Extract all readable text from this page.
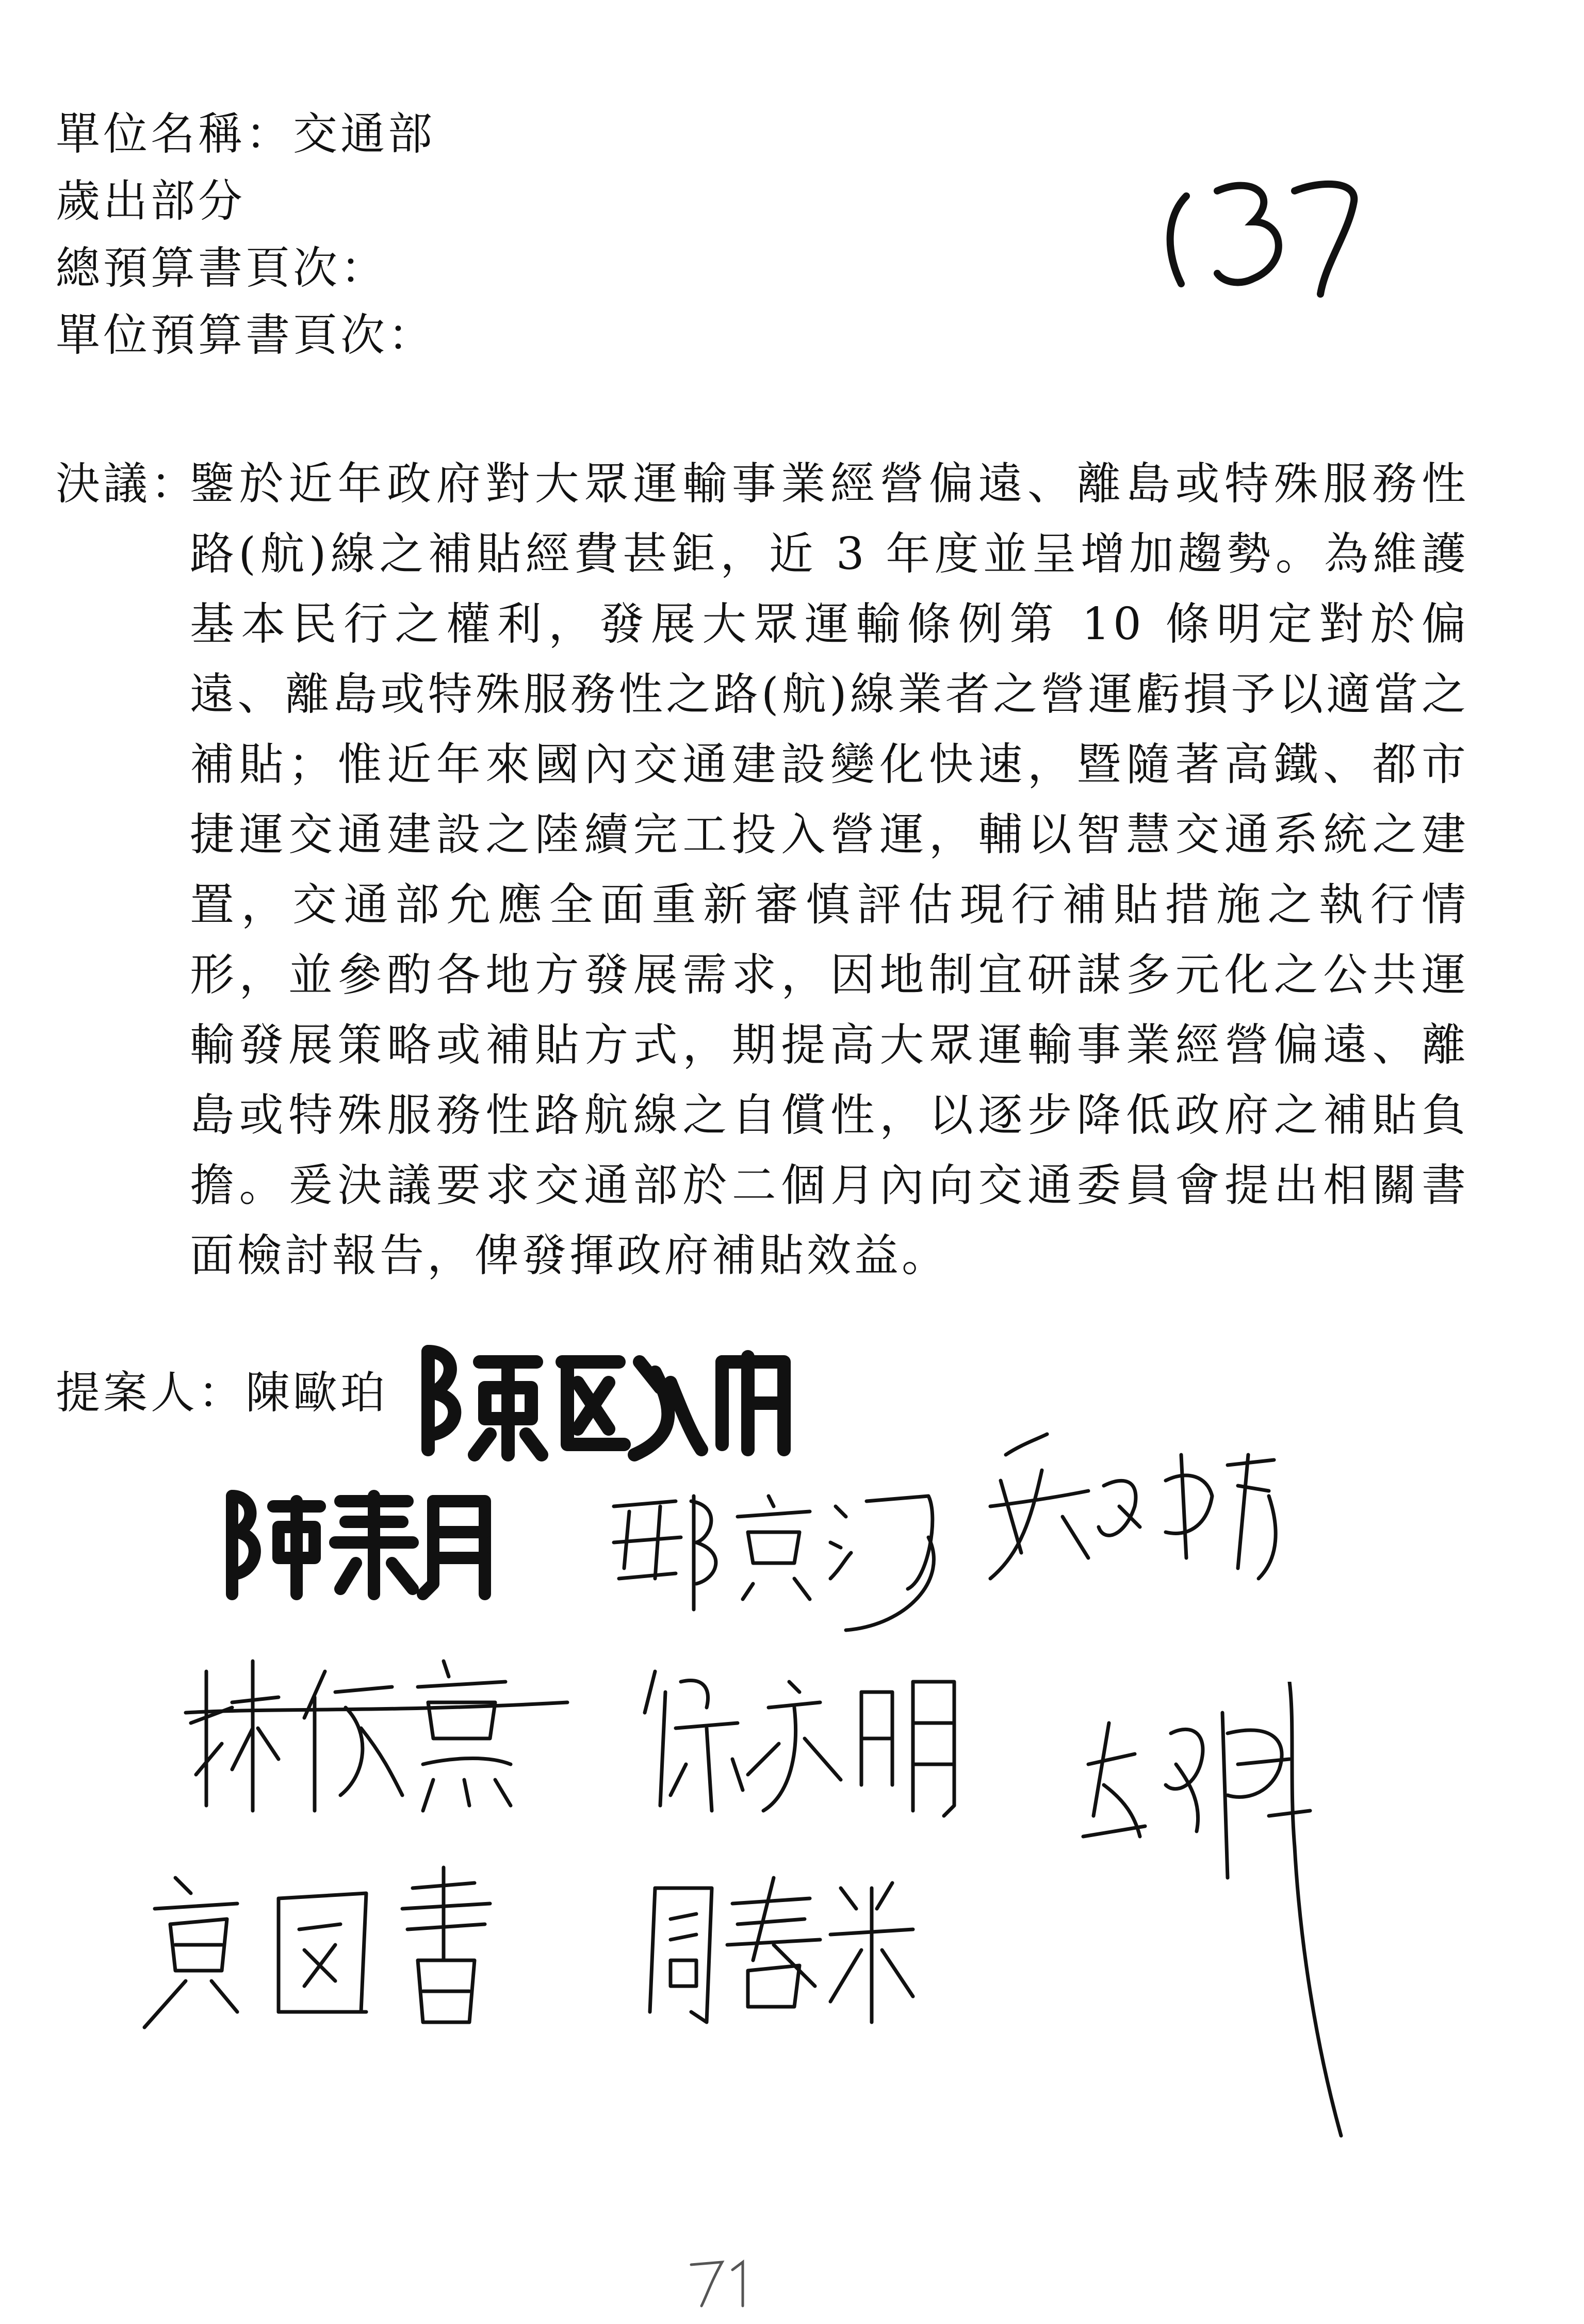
單位名稱：交通部
歲出部分
總預算書頁次：
單位預算書頁次：
決議：
鑒於近年政府對大眾運輸事業經營偏遠、離島或特殊服務性路(航)線之補貼經費甚鉅，近 3 年度並呈增加趨勢。為維護基本民行之權利，發展大眾運輸條例第 10 條明定對於偏遠、離島或特殊服務性之路(航)線業者之營運虧損予以適當之補貼；惟近年來國內交通建設變化快速，暨隨著高鐵、都市捷運交通建設之陸續完工投入營運，輔以智慧交通系統之建置，交通部允應全面重新審慎評估現行補貼措施之執行情形，並參酌各地方發展需求，因地制宜研謀多元化之公共運輸發展策略或補貼方式，期提高大眾運輸事業經營偏遠、離島或特殊服務性路航線之自償性，以逐步降低政府之補貼負擔。爰決議要求交通部於二個月內向交通委員會提出相關書面檢討報告，俾發揮政府補貼效益。
提案人：陳歐珀
